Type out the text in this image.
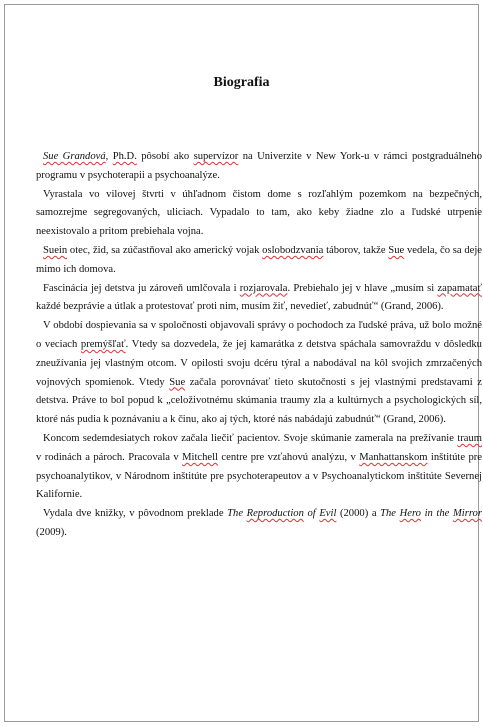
Biografia

Sue Grandová, Ph.D. pôsobí ako supervízor na Univerzite v New York-u v rámci postgraduálneho programu v psychoterapii a psychoanalýze.

Vyrastala vo vilovej štvrti v úhľadnom čistom dome s rozľahlým pozemkom na bezpečných, samozrejme segregovaných, uliciach. Vypadalo to tam, ako keby žiadne zlo a ľudské utrpenie neexistovalo a pritom prebiehala vojna.

Suein otec, žid, sa zúčastňoval ako americký vojak oslobodzvania táborov, takže Sue vedela, čo sa deje mimo ich domova.

Fascinácia jej detstva ju zároveň umlčovala i rozjarovala. Prebiehalo jej v hlave „musím si zapamatať každé bezprávie a útlak a protestovať proti nim, musím žiť, nevedieť, zabudnúť“ (Grand, 2006).

V období dospievania sa v spoločnosti objavovali správy o pochodoch za ľudské práva, už bolo možné o veciach premýšľať. Vtedy sa dozvedela, že jej kamarátka z detstva spáchala samovraždu v dôsledku zneužívania jej vlastným otcom. V opilosti svoju dcéru týral a nabodával na kôl svojich zmrzačených vojnových spomienok. Vtedy Sue začala porovnávať tieto skutočnosti s jej vlastnými predstavami z detstva. Práve to bol popud k „celoživotnému skúmania traumy zla a kultúrnych a psychologických síl, ktoré nás pudia k poznávaniu a k činu, ako aj tých, ktoré nás nabádajú zabudnúť“ (Grand, 2006).

Koncom sedemdesiatych rokov začala liečiť pacientov. Svoje skúmanie zamerala na prežívanie traum v rodinách a pároch. Pracovala v Mitchell centre pre vzťahovú analýzu, v Manhattanskom inštitúte pre psychoanalytikov, v Národnom inštitúte pre psychoterapeutov a v Psychoanalytickom inštitúte Severnej Kalifornie.

Vydala dve knižky, v pôvodnom preklade The Reproduction of Evil (2000) a The Hero in the Mirror (2009).
